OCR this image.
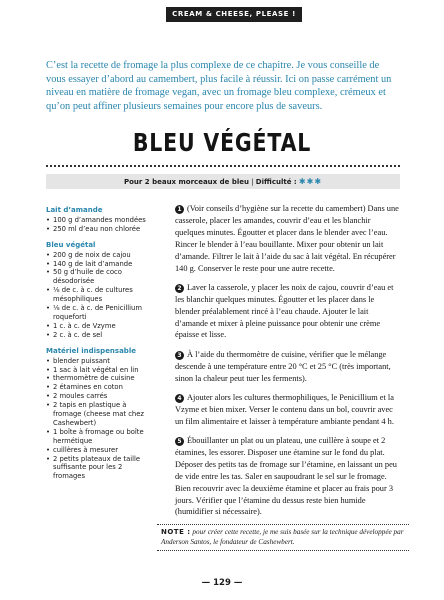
CREAM & CHEESE, PLEASE !
C’est la recette de fromage la plus complexe de ce chapitre. Je vous conseille de vous essayer d’abord au camembert, plus facile à réussir. Ici on passe carrément un niveau en matière de fromage vegan, avec un fromage bleu complexe, crémeux et qu’on peut affiner plusieurs semaines pour encore plus de saveurs.
BLEU VÉGÉTAL
Pour 2 beaux morceaux de bleu | Difficulté : ✱✱✱
Lait d’amande
• 100 g d’amandes mondées
• 250 ml d’eau non chlorée
Bleu végétal
• 200 g de noix de cajou
• 140 g de lait d’amande
• 50 g d’huile de coco désodorisée
• ⅛ de c. à c. de cultures mésophiliques
• ⅛ de c. à c. de Penicillium roqueforti
• 1 c. à c. de Vzyme
• 2 c. à c. de sel
Matériel indispensable
• blender puissant
• 1 sac à lait végétal en lin
• thermomètre de cuisine
• 2 étamines en coton
• 2 moules carrés
• 2 tapis en plastique à fromage (cheese mat chez Cashewbert)
• 1 boîte à fromage ou boîte hermétique
• cuillères à mesurer
• 2 petits plateaux de taille suffisante pour les 2 fromages

1 (Voir conseils d’hygiène sur la recette du camembert) Dans une casserole, placer les amandes, couvrir d’eau et les blanchir quelques minutes. Égoutter et placer dans le blender avec l’eau. Rincer le blender à l’eau bouillante. Mixer pour obtenir un lait d’amande. Filtrer le lait à l’aide du sac à lait végétal. En récupérer 140 g. Conserver le reste pour une autre recette.

2 Laver la casserole, y placer les noix de cajou, couvrir d’eau et les blanchir quelques minutes. Égoutter et les placer dans le blender préalablement rincé à l’eau chaude. Ajouter le lait d’amande et mixer à pleine puissance pour obtenir une crème épaisse et lisse.

3 À l’aide du thermomètre de cuisine, vérifier que le mélange descende à une température entre 20 °C et 25 °C (très important, sinon la chaleur peut tuer les ferments).

4 Ajouter alors les cultures thermophiliques, le Penicillium et la Vzyme et bien mixer. Verser le contenu dans un bol, couvrir avec un film alimentaire et laisser à température ambiante pendant 4 h.

5 Ébouillanter un plat ou un plateau, une cuillère à soupe et 2 étamines, les essorer. Disposer une étamine sur le fond du plat. Déposer des petits tas de fromage sur l’étamine, en laissant un peu de vide entre les tas. Saler en saupoudrant le sel sur le fromage. Bien recouvrir avec la deuxième étamine et placer au frais pour 3 jours. Vérifier que l’étamine du dessus reste bien humide (humidifier si nécessaire).

NOTE : pour créer cette recette, je me suis basée sur la technique développée par Anderson Santos, le fondateur de Cashewbert.
— 129 —
